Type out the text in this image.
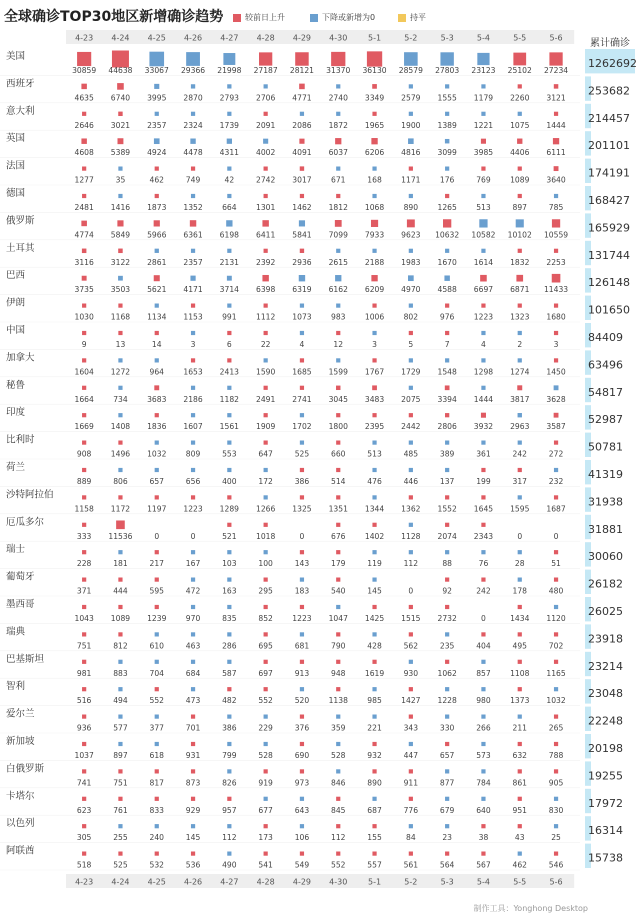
全球确诊TOP30地区新增确诊趋势	较前日上升	下降或新增为0	持平
4-23 4-24 4-25 4-26 4-27 4-28 4-29 4-30	5-1	5-2	5-3	5-4	5-5	5-6
4-23 4-24 4-25 4-26 4-27 4-28 4-29 4-30	5-1	5-2	5-3	5-4	5-5	5-6
累计确诊
美国
30859 44638 33067 29366 21998 27187 28121 31370 36130 28579 27803 23123 25102 27234
1262692
西班牙
4635 6740 3995 2870 2793 2706 4771 2740 3349 2579 1555 1179 2260 3121
253682
意大利
2646 3021 2357 2324 1739 2091 2086 1872 1965 1900 1389 1221 1075 1444
214457
英国
4608 5389 4924 4478 4311 4002 4091 6037 6206 4816 3099 3985 4406 6111
201101
法国
1277	35	462	749	42	2742 3017	671	168	1171	176	769	1089 3640
174191
德国
2481 1416 1873 1352	664	1301 1462 1812 1068	890	1265	513	897	785
168427
俄罗斯
4774 5849 5966 6361 6198 6411 5841 7099 7933 9623 10632 10582 10102 10559
165929
土耳其
3116 3122 2861 2357 2131 2392 2936 2615 2188 1983 1670 1614 1832 2253
131744
巴西
3735 3503 5621 4171 3714 6398 6319 6162 6209 4970 4588 6697 6871 11433
126148
伊朗
1030 1168 1134 1153	991	1112 1073	983	1006	802	976	1223 1323 1680
101650
中国
9	13	14	3	6	22	4	12	3	5	7	4	2	3
84409
加拿大
1604 1272	964	1653 2413 1590 1685 1599 1767 1729 1548 1298 1274 1450
63496
秘鲁
1664	734	3683 2186 1182 2491 2741 3045 3483 2075 3394 1444 3817 3628
54817
印度
1669 1408 1836 1607 1561 1909 1702 1800 2395 2442 2806 3932 2963 3587
52987
比利时
908	1496 1032	809	553	647	525	660	513	485	389	361	242	272
50781
荷兰
889	806	657	656	400	172	386	514	476	446	137	199	317	232
41319
沙特阿拉伯
1158 1172 1197 1223 1289 1266 1325 1351 1344 1362 1552 1645 1595 1687
31938
厄瓜多尔
333 11536	0	0	521	1018	0	676	1402 1128 2074 2343	0	0
31881
瑞士
228	181	217	167	103	100	143	179	119	112	88	76	28	51
30060
葡萄牙
371	444	595	472	163	295	183	540	145	0	92	242	178	480
26182
墨西哥
1043 1089 1239	970	835	852	1223 1047 1425 1515 2732	0	1434 1120
26025
瑞典
751	812	610	463	286	695	681	790	428	562	235	404	495	702
23918
巴基斯坦
981	883	704	684	587	697	913	948	1619	930	1062	857	1108 1165
23214
智利
516	494	552	473	482	552	520	1138	985	1427 1228	980	1373 1032
23048
爱尔兰
936	577	377	701	386	229	376	359	221	343	330	266	211	265
22248
新加坡
1037	897	618	931	799	528	690	528	932	447	657	573	632	788
20198
白俄罗斯
741	751	817	873	826	919	973	846	890	911	877	784	861	905
19255
卡塔尔
623	761	833	929	957	677	643	845	687	776	679	640	951	830
17972
以色列
305	255	240	145	112	173	106	112	155	84	23	38	43	25
16314
阿联酋
518	525	532	536	490	541	549	552	557	561	564	567	462	546
15738
制作工具：Yonghong Desktop
